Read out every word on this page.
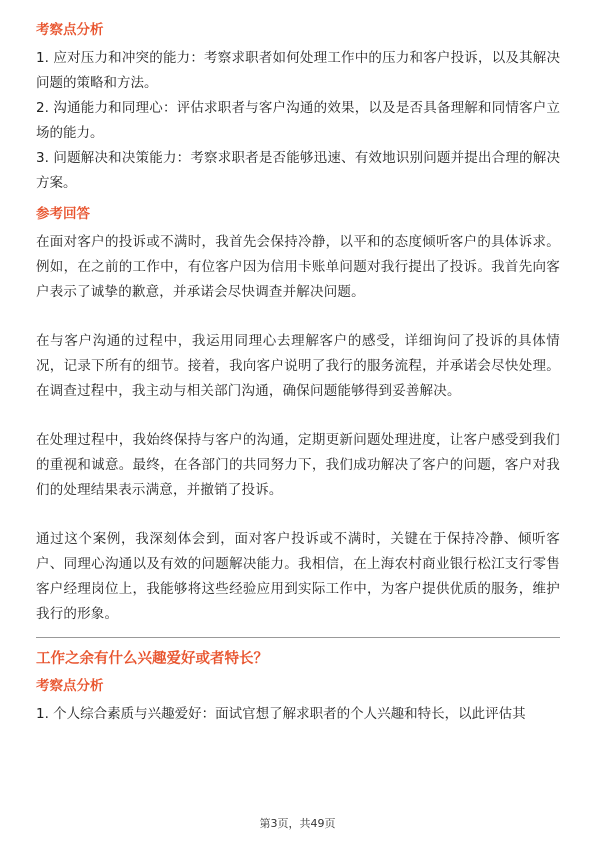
考察点分析

1. 应对压力和冲突的能力：考察求职者如何处理工作中的压力和客户投诉，以及其解决问题的策略和方法。

2. 沟通能力和同理心：评估求职者与客户沟通的效果，以及是否具备理解和同情客户立场的能力。

3. 问题解决和决策能力：考察求职者是否能够迅速、有效地识别问题并提出合理的解决方案。

参考回答

在面对客户的投诉或不满时，我首先会保持冷静，以平和的态度倾听客户的具体诉求。例如，在之前的工作中，有位客户因为信用卡账单问题对我行提出了投诉。我首先向客户表示了诚挚的歉意，并承诺会尽快调查并解决问题。

在与客户沟通的过程中，我运用同理心去理解客户的感受，详细询问了投诉的具体情况，记录下所有的细节。接着，我向客户说明了我行的服务流程，并承诺会尽快处理。在调查过程中，我主动与相关部门沟通，确保问题能够得到妥善解决。

在处理过程中，我始终保持与客户的沟通，定期更新问题处理进度，让客户感受到我们的重视和诚意。最终，在各部门的共同努力下，我们成功解决了客户的问题，客户对我们的处理结果表示满意，并撤销了投诉。

通过这个案例，我深刻体会到，面对客户投诉或不满时，关键在于保持冷静、倾听客户、同理心沟通以及有效的问题解决能力。我相信，在上海农村商业银行松江支行零售客户经理岗位上，我能够将这些经验应用到实际工作中，为客户提供优质的服务，维护我行的形象。

工作之余有什么兴趣爱好或者特长？
考察点分析

1. 个人综合素质与兴趣爱好：面试官想了解求职者的个人兴趣和特长，以此评估其

第3页，共49页
